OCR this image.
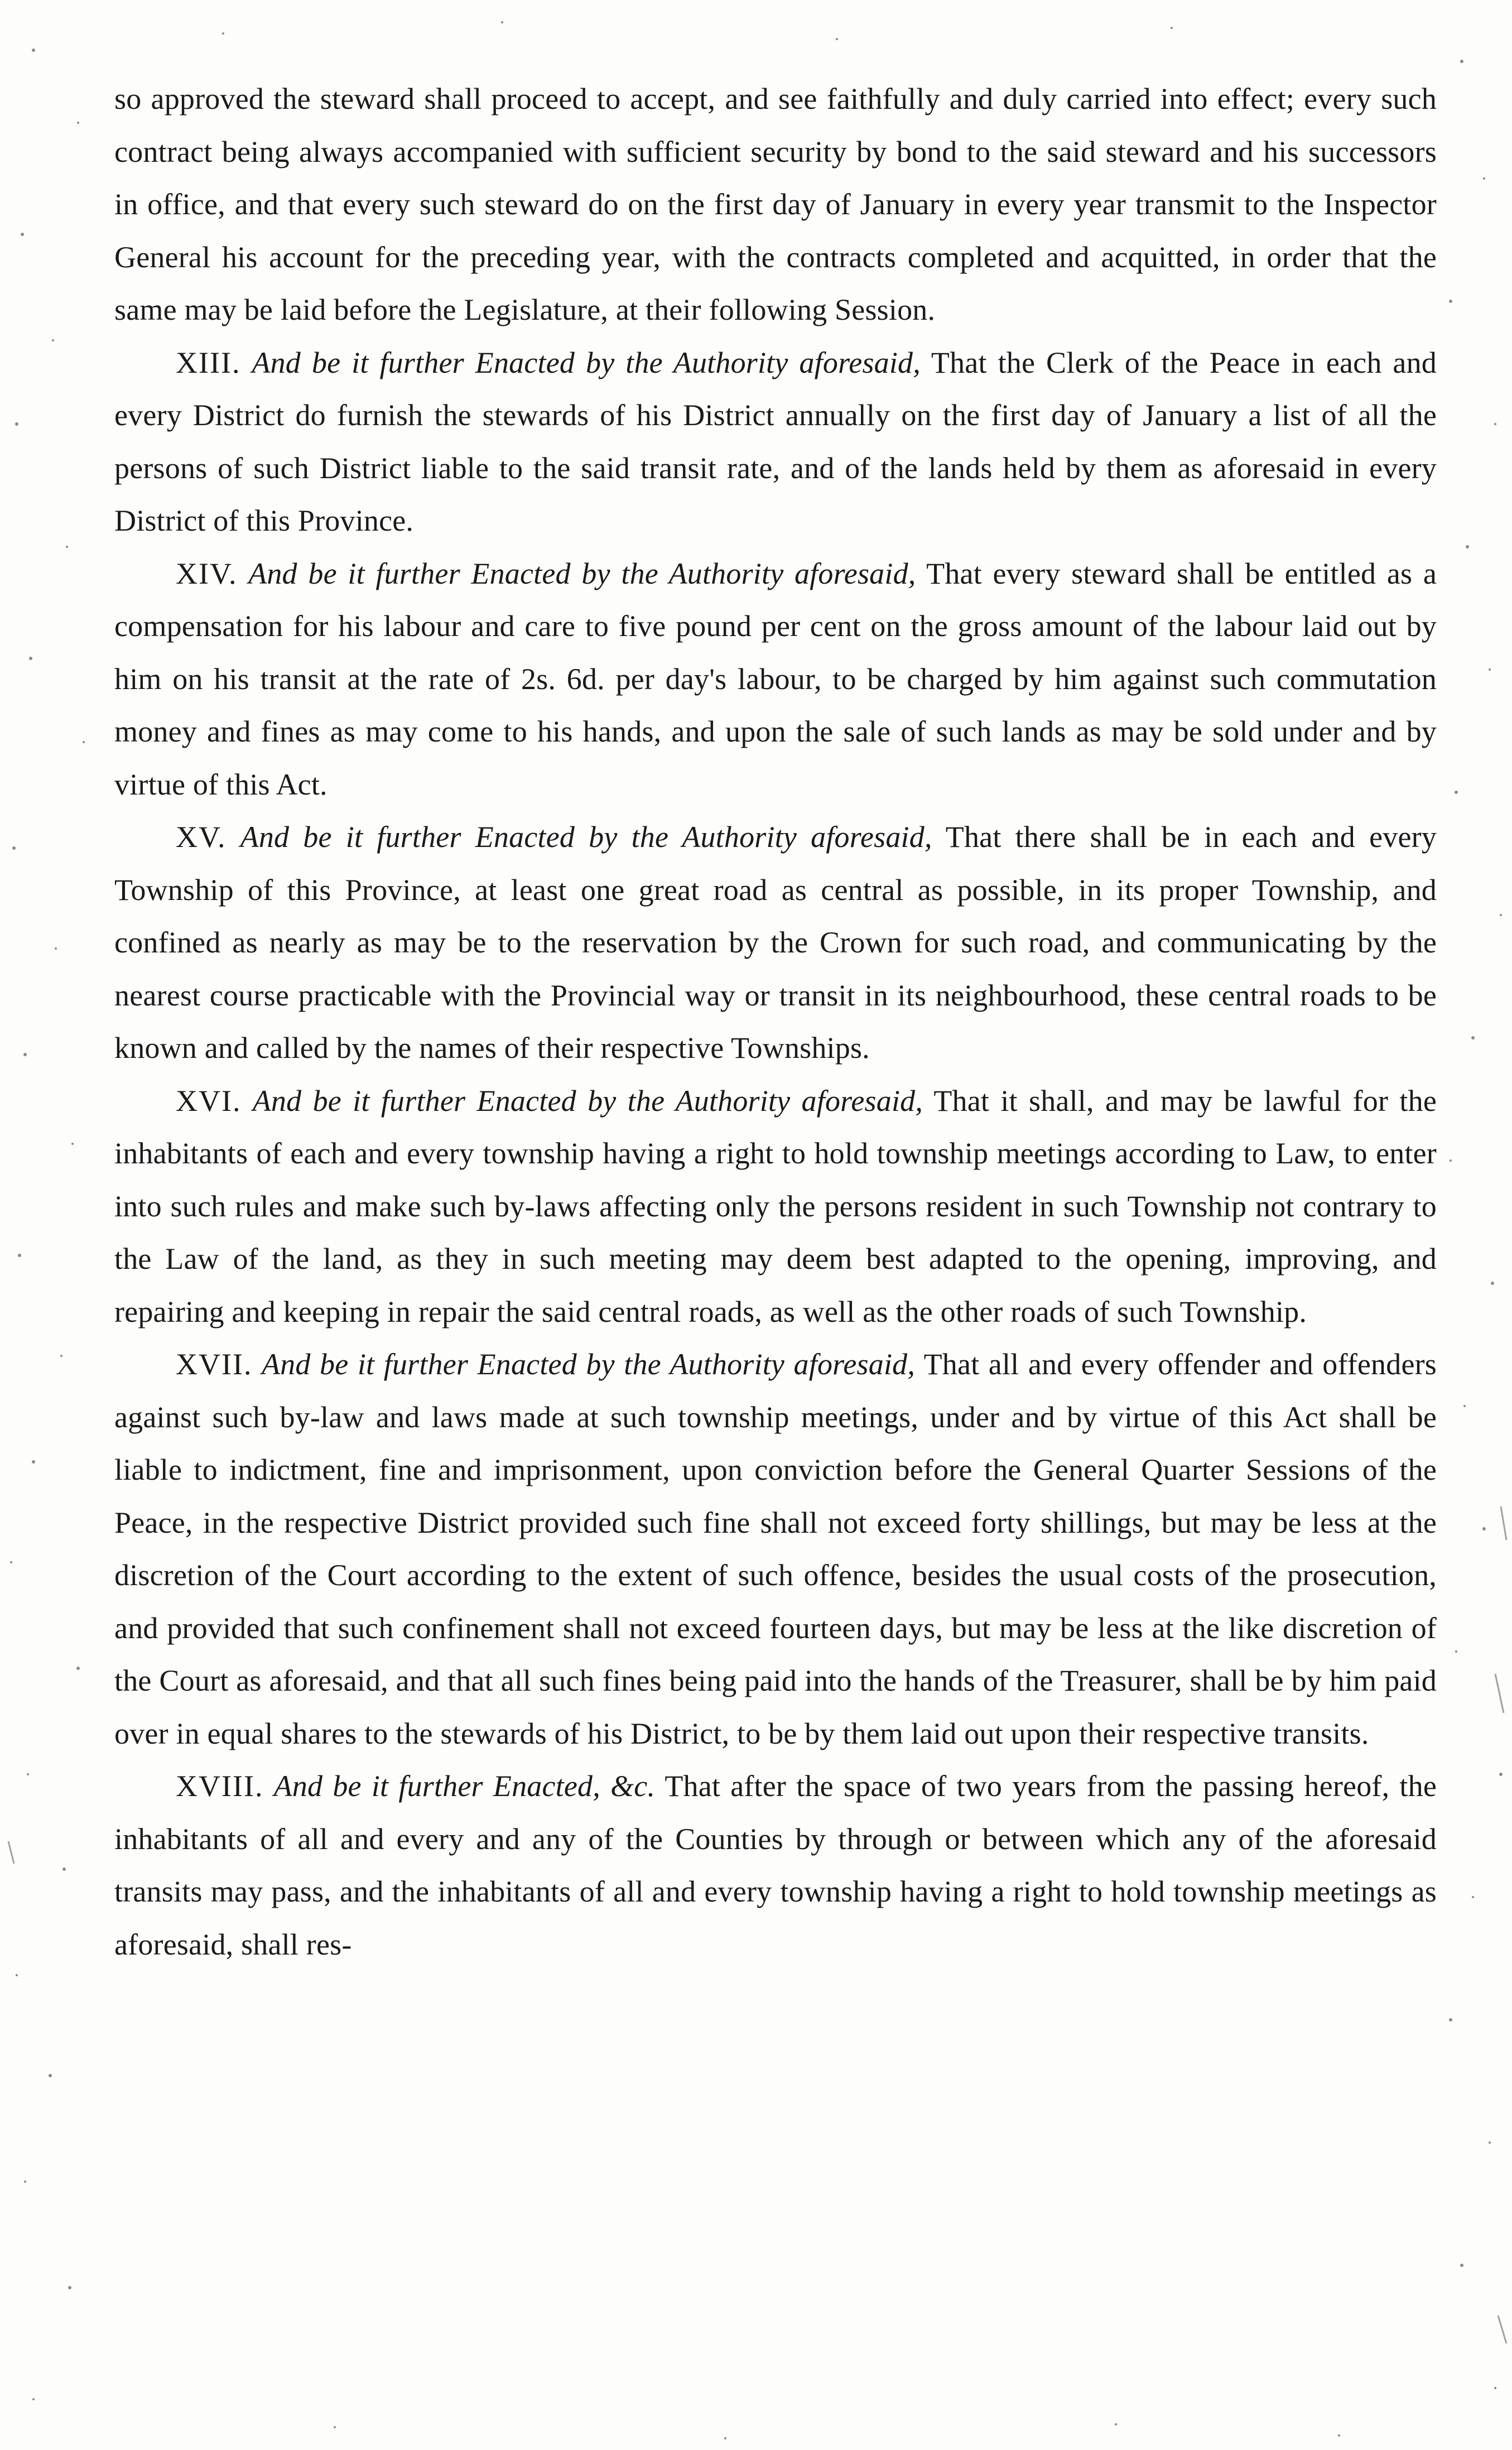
so approved the steward shall proceed to accept, and see faithfully and duly carried into effect; every such contract being always accompanied with sufficient security by bond to the said steward and his successors in office, and that every such steward do on the first day of January in every year transmit to the Inspector General his account for the preceding year, with the contracts completed and acquitted, in order that the same may be laid before the Legislature, at their following Session.

XIII. And be it further Enacted by the Authority aforesaid, That the Clerk of the Peace in each and every District do furnish the stewards of his District annually on the first day of January a list of all the persons of such District liable to the said transit rate, and of the lands held by them as aforesaid in every District of this Province.

XIV. And be it further Enacted by the Authority aforesaid, That every steward shall be entitled as a compensation for his labour and care to five pound per cent on the gross amount of the labour laid out by him on his transit at the rate of 2s. 6d. per day's labour, to be charged by him against such commutation money and fines as may come to his hands, and upon the sale of such lands as may be sold under and by virtue of this Act.

XV. And be it further Enacted by the Authority aforesaid, That there shall be in each and every Township of this Province, at least one great road as central as possible, in its proper Township, and confined as nearly as may be to the reservation by the Crown for such road, and communicating by the nearest course practicable with the Provincial way or transit in its neighbourhood, these central roads to be known and called by the names of their respective Townships.

XVI. And be it further Enacted by the Authority aforesaid, That it shall, and may be lawful for the inhabitants of each and every township having a right to hold township meetings according to Law, to enter into such rules and make such by-laws affecting only the persons resident in such Township not contrary to the Law of the land, as they in such meeting may deem best adapted to the opening, improving, and repairing and keeping in repair the said central roads, as well as the other roads of such Township.

XVII. And be it further Enacted by the Authority aforesaid, That all and every offender and offenders against such by-law and laws made at such township meetings, under and by virtue of this Act shall be liable to indictment, fine and imprisonment, upon conviction before the General Quarter Sessions of the Peace, in the respective District provided such fine shall not exceed forty shillings, but may be less at the discretion of the Court according to the extent of such offence, besides the usual costs of the prosecution, and provided that such confinement shall not exceed fourteen days, but may be less at the like discretion of the Court as aforesaid, and that all such fines being paid into the hands of the Treasurer, shall be by him paid over in equal shares to the stewards of his District, to be by them laid out upon their respective transits.

XVIII. And be it further Enacted, &c. That after the space of two years from the passing hereof, the inhabitants of all and every and any of the Counties by through or between which any of the aforesaid transits may pass, and the inhabitants of all and every township having a right to hold township meetings as aforesaid, shall res-
